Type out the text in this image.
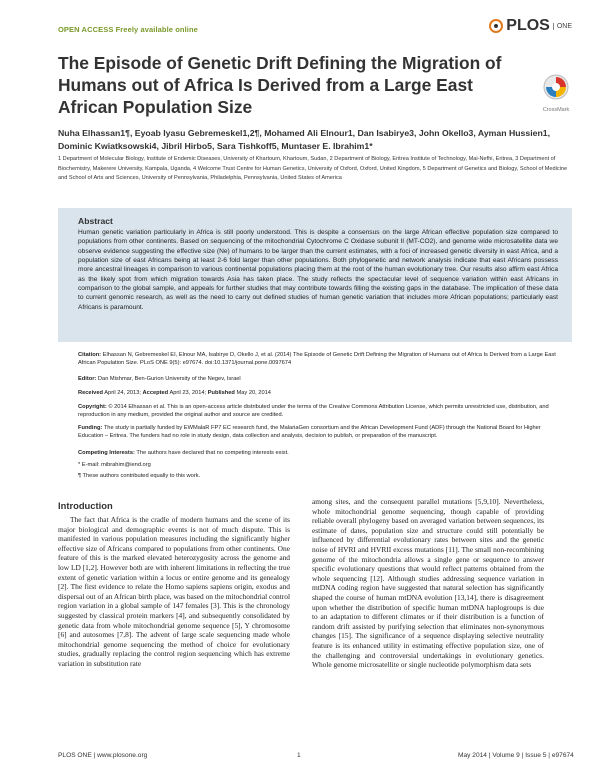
OPEN ACCESS Freely available online	PLOS	ONE
The Episode of Genetic Drift Defining the Migration of Humans out of Africa Is Derived from a Large East African Population Size	CrossMark
Nuha Elhassan1¶, Eyoab Iyasu Gebremeskel1,2¶, Mohamed Ali Elnour1, Dan Isabirye3, John Okello3, Ayman Hussien1, Dominic Kwiatksowski4, Jibril Hirbo5, Sara Tishkoff5, Muntaser E. Ibrahim1*
1 Department of Molecular Biology, Institute of Endemic Diseases, University of Khartoum, Khartoum, Sudan, 2 Department of Biology, Eritrea Institute of Technology, Mai-Nefhi, Eritrea, 3 Department of Biochemistry, Makerere University, Kampala, Uganda, 4 Welcome Trust Centre for Human Genetics, University of Oxford, Oxford, United Kingdom, 5 Department of Genetics and Biology, School of Medicine and School of Arts and Sciences, University of Pennsylvania, Philadelphia, Pennsylvania, United States of America
Abstract
Human genetic variation particularly in Africa is still poorly understood. This is despite a consensus on the large African effective population size compared to populations from other continents. Based on sequencing of the mitochondrial Cytochrome C Oxidase subunit II (MT-CO2), and genome wide microsatellite data we observe evidence suggesting the effective size (Ne) of humans to be larger than the current estimates, with a foci of increased genetic diversity in east Africa, and a population size of east Africans being at least 2-6 fold larger than other populations. Both phylogenetic and network analysis indicate that east Africans possess more ancestral lineages in comparison to various continental populations placing them at the root of the human evolutionary tree. Our results also affirm east Africa as the likely spot from which migration towards Asia has taken place. The study reflects the spectacular level of sequence variation within east Africans in comparison to the global sample, and appeals for further studies that may contribute towards filling the existing gaps in the database. The implication of these data to current genomic research, as well as the need to carry out defined studies of human genetic variation that includes more African populations; particularly east Africans is paramount.
Citation: Elhassan N, Gebremeskel EI, Elnour MA, Isabirye D, Okello J, et al. (2014) The Episode of Genetic Drift Defining the Migration of Humans out of Africa Is Derived from a Large East African Population Size. PLoS ONE 9(5): e97674. doi:10.1371/journal.pone.0097674
Editor: Dan Mishmar, Ben-Gurion University of the Negev, Israel
Received April 24, 2013; Accepted April 23, 2014; Published May 20, 2014
Copyright: © 2014 Elhassan et al. This is an open-access article distributed under the terms of the Creative Commons Attribution License, which permits unrestricted use, distribution, and reproduction in any medium, provided the original author and source are credited.
Funding: The study is partially funded by EWMalaR FP7 EC research fund, the MalariaGen consortium and the African Development Fund (ADF) through the National Board for Higher Education – Eritrea. The funders had no role in study design, data collection and analysis, decision to publish, or preparation of the manuscript.
Competing Interests: The authors have declared that no competing interests exist.
* E-mail: mibrahim@iend.org
¶ These authors contributed equally to this work.
Introduction
The fact that Africa is the cradle of modern humans and the scene of its major biological and demographic events is not of much dispute. This is manifested in various population measures including the significantly higher effective size of Africans compared to populations from other continents. One feature of this is the marked elevated heterozygosity across the genome and low LD [1,2]. However both are with inherent limitations in reflecting the true extent of genetic variation within a locus or entire genome and its genealogy [2]. The first evidence to relate the Homo sapiens sapiens origin, exodus and dispersal out of an African birth place, was based on the mitochondrial control region variation in a global sample of 147 females [3]. This is the chronology suggested by classical protein markers [4], and subsequently consolidated by genetic data from whole mitochondrial genome sequence [5], Y chromosome [6] and autosomes [7,8]. The advent of large scale sequencing made whole mitochondrial genome sequencing the method of choice for evolutionary studies, gradually replacing the control region sequencing which has extreme variation in substitution rate
among sites, and the consequent parallel mutations [5,9,10]. Nevertheless, whole mitochondrial genome sequencing, though capable of providing reliable overall phylogeny based on averaged variation between sequences, its estimate of dates, population size and structure could still potentially be influenced by differential evolutionary rates between sites and the genetic noise of HVRI and HVRII excess mutations [11]. The small non-recombining genome of the mitochondria allows a single gene or sequence to answer specific evolutionary questions that would reflect patterns obtained from the whole sequencing [12]. Although studies addressing sequence variation in mtDNA coding region have suggested that natural selection has significantly shaped the course of human mtDNA evolution [13,14], there is disagreement upon whether the distribution of specific human mtDNA haplogroups is due to an adaptation to different climates or if their distribution is a function of random drift assisted by purifying selection that eliminates non-synonymous changes [15]. The significance of a sequence displaying selective neutrality feature is its enhanced utility in estimating effective population size, one of the challenging and controversial undertakings in evolutionary genetics. Whole genome microsatellite or single nucleotide polymorphism data sets
PLOS ONE | www.plosone.org	1	May 2014 | Volume 9 | Issue 5 | e97674
